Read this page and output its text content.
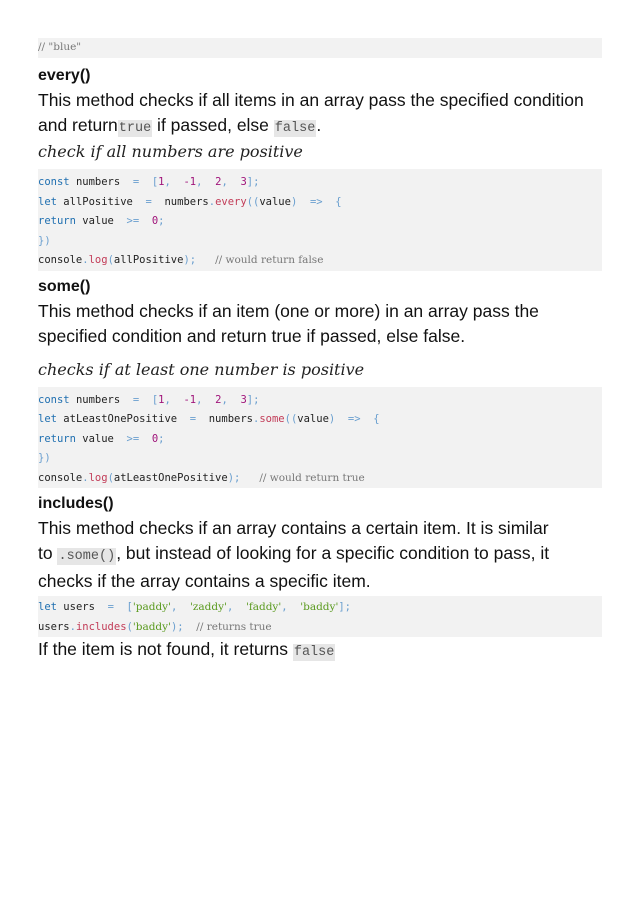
// "blue"
every()
This method checks if all items in an array pass the specified condition and returntrue if passed, else false.
check if all numbers are positive
const numbers = [1, -1, 2, 3];
let allPositive = numbers.every((value) => {
return value >= 0;
})
console.log(allPositive); // would return false
some()
This method checks if an item (one or more) in an array pass the specified condition and return true if passed, else false.
checks if at least one number is positive
const numbers = [1, -1, 2, 3];
let atLeastOnePositive = numbers.some((value) => {
return value >= 0;
})
console.log(atLeastOnePositive); // would return true
includes()
This method checks if an array contains a certain item. It is similar to .some(), but instead of looking for a specific condition to pass, it checks if the array contains a specific item.
let users = ['paddy', 'zaddy', 'faddy', 'baddy'];
users.includes('baddy'); // returns true
If the item is not found, it returns false
